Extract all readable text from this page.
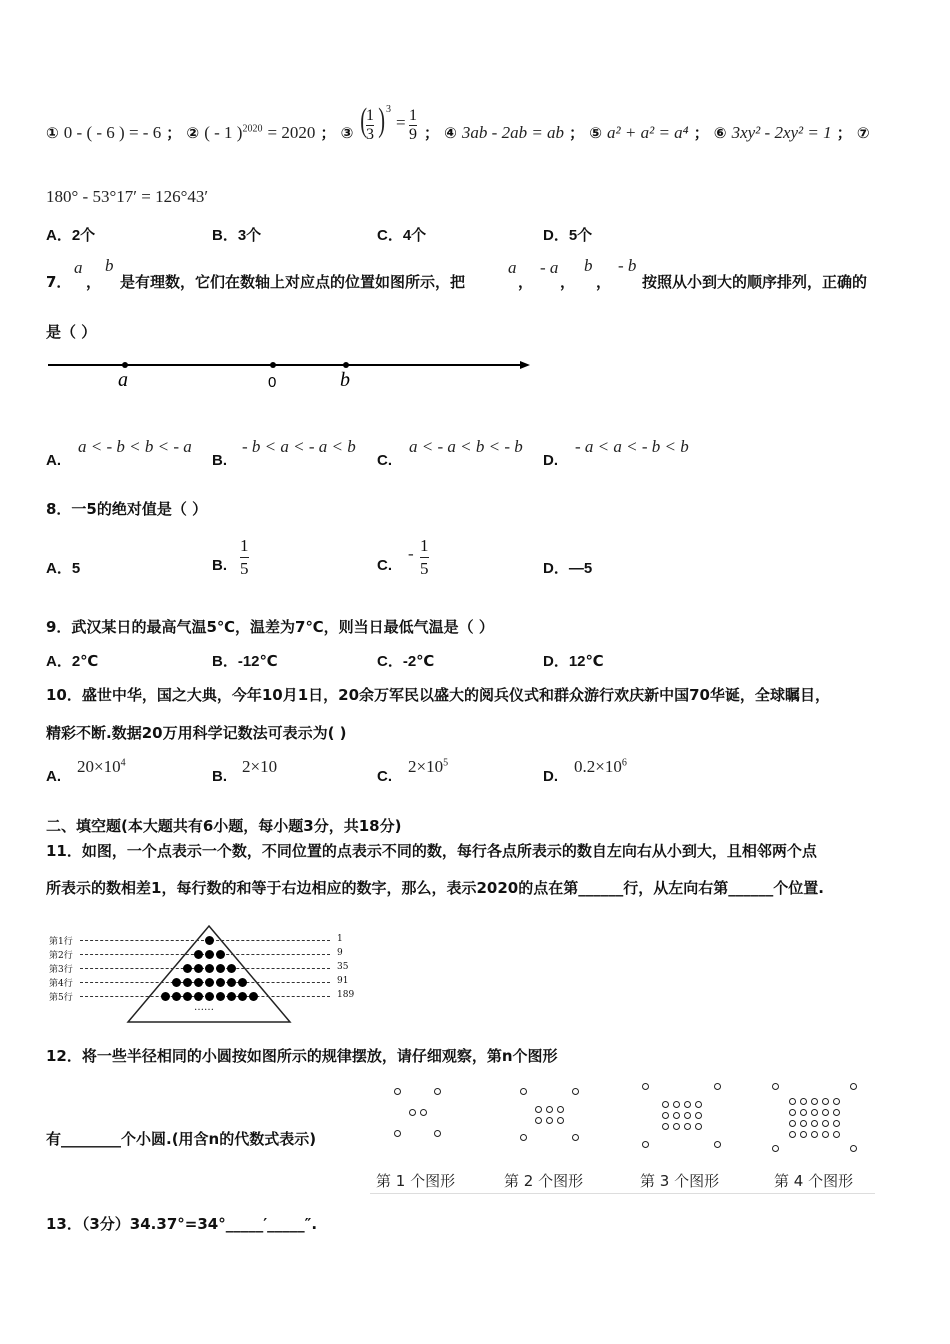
① 0 - ( - 6 ) = - 6 ； ② ( - 1 )$^{2020}$ = 2020 ； ③ (
$\frac{1}{3}$ ) 3
= $\frac{1}{9}$ ； ④ 3ab - 2ab = ab ； ⑤ a² + a² = a⁴ ； ⑥ 3xy² - 2xy² = 1 ； ⑦
180° - 53°17′ = 126°43′
A．2个	B．3个	C．4个	D．5个
7．
a
，
b
是有理数，它们在数轴上对应点的位置如图所示，把
a
，
- a
，
b
，
- b
按照从小到大的顺序排列，正确的
是（ ）
a	0	b
A.
a < - b < b < - a
B.
- b < a < - a < b
C.
a < - a < b < - b
D.
- a < a < - b < b
8．一5的绝对值是（ ）
A．5	B. $\frac{1}{5}$	C.
- $\frac{1}{5}$	D．—5
9．武汉某日的最高气温5℃，温差为7℃，则当日最低气温是（ ）
A．2℃	B．-12℃	C．-2℃	D．12℃
10．盛世中华，国之大典，今年10月1日，20余万军民以盛大的阅兵仪式和群众游行欢庆新中国70华诞，全球瞩目，
精彩不断.数据20万用科学记数法可表示为( )
A.
$20\times 10^4$
B.
2×10
C.
$2\times 10^5$
D.
$0.2\times 10^6$
二、填空题(本大题共有6小题，每小题3分，共18分)
11．如图，一个点表示一个数，不同位置的点表示不同的数，每行各点所表示的数自左向右从小到大，且相邻两个点
所表示的数相差1，每行数的和等于右边相应的数字，那么，表示2020的点在第______行，从左向右第______个位置.
第1行
第2行
第3行
第4行
第5行
1
9
35
91
189
……
12．将一些半径相同的小圆按如图所示的规律摆放，请仔细观察，第n个图形
有________个小圆.(用含n的代数式表示)
第 1 个图形	第 2 个图形	第 3 个图形	第 4 个图形
13．（3分）34.37°=34°_____′_____″.
